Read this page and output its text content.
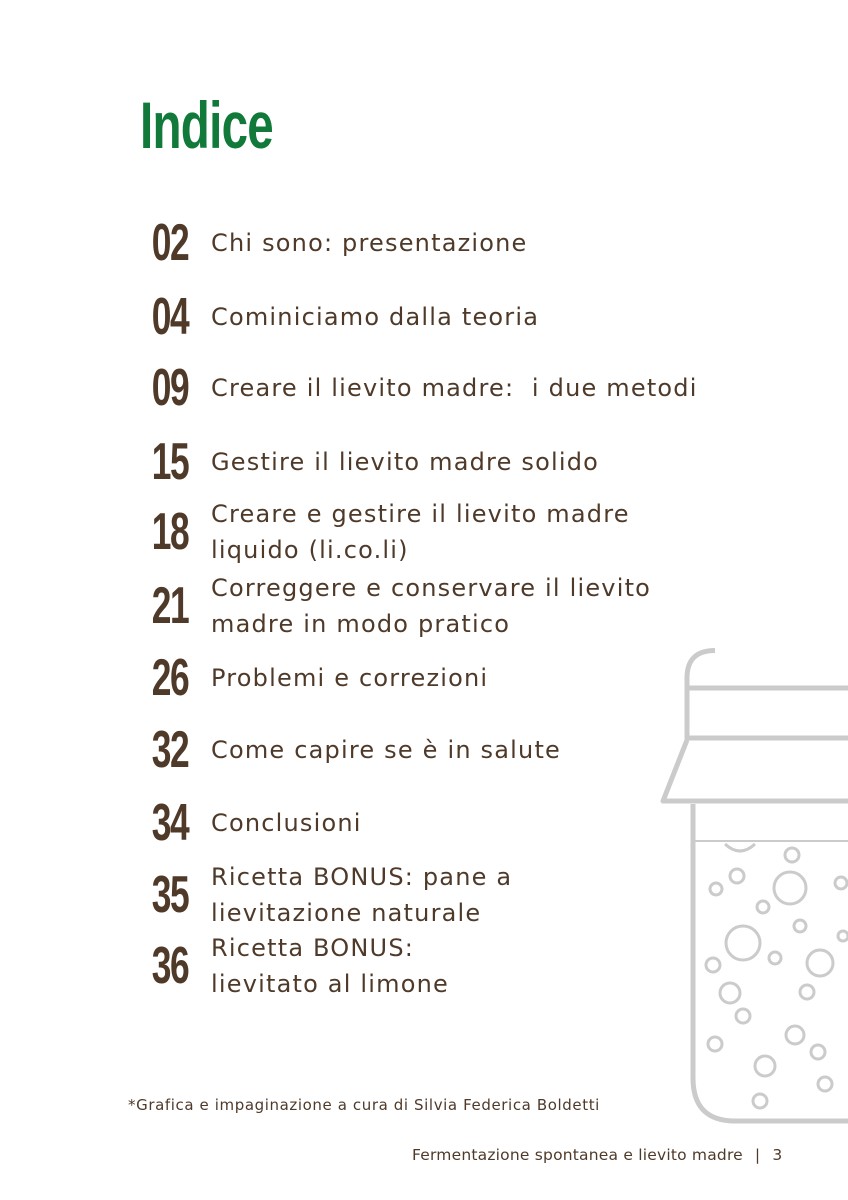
Indice
02 Chi sono: presentazione
04 Cominiciamo dalla teoria
09 Creare il lievito madre:  i due metodi
15 Gestire il lievito madre solido
18 Creare e gestire il lievito madre
liquido (li.co.li)
21 Correggere e conservare il lievito
madre in modo pratico
26 Problemi e correzioni
32 Come capire se è in salute
34 Conclusioni
35 Ricetta BONUS: pane a
lievitazione naturale
36 Ricetta BONUS:
lievitato al limone
*Grafica e impaginazione a cura di Silvia Federica Boldetti
Fermentazione spontanea e lievito madre | 3
